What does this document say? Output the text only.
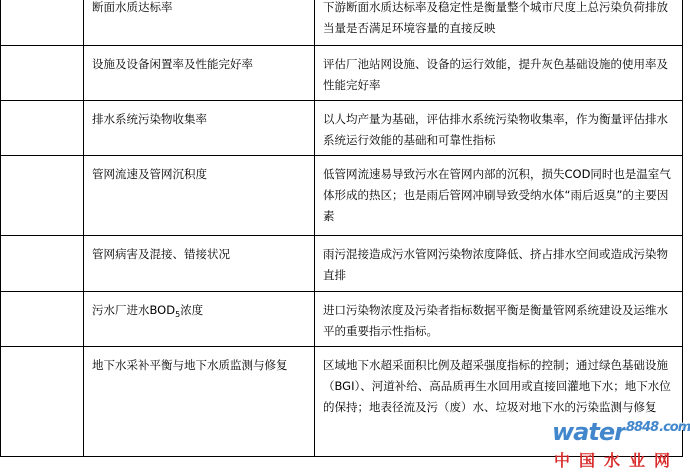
	断面水质达标率	下游断面水质达标率及稳定性是衡量整个城市尺度上总污染负荷排放当量是否满足环境容量的直接反映

	设施及设备闲置率及性能完好率	评估厂池站网设施、设备的运行效能，提升灰色基础设施的使用率及性能完好率

	排水系统污染物收集率	以人均产量为基础，评估排水系统污染物收集率，作为衡量评估排水系统运行效能的基础和可靠性指标

	管网流速及管网沉积度	低管网流速易导致污水在管网内部的沉积，损失COD同时也是温室气体形成的热区；也是雨后管网冲刷导致受纳水体“雨后返臭”的主要因素

	管网病害及混接、错接状况	雨污混接造成污水管网污染物浓度降低、挤占排水空间或造成污染物直排

	污水厂进水$BOD_5$浓度	进口污染物浓度及污染者指标数据平衡是衡量管网系统建设及运维水平的重要指示性指标。

	地下水采补平衡与地下水质监测与修复	区域地下水超采面积比例及超采强度指标的控制；通过绿色基础设施（BGI）、河道补给、高品质再生水回用或直接回灌地下水；地下水位的保持；地表径流及污（废）水、垃圾对地下水的污染监测与修复
water$^{8848.com}$
中国水业网
